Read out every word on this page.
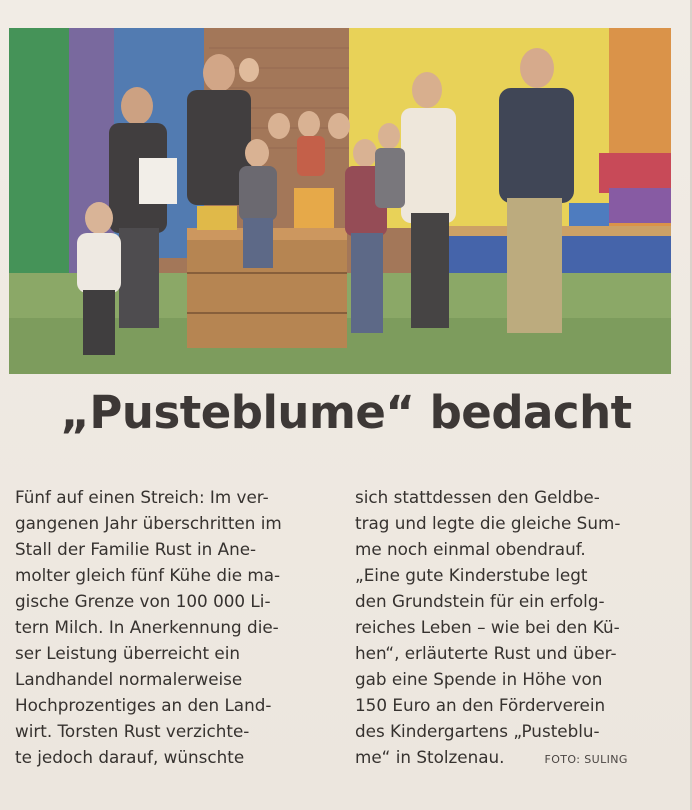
„Pusteblume“ bedacht
Fünf auf einen Streich: Im ver-
gangenen Jahr überschritten im
Stall der Familie Rust in Ane-
molter gleich fünf Kühe die ma-
gische Grenze von 100 000 Li-
tern Milch. In Anerkennung die-
ser Leistung überreicht ein
Landhandel normalerweise
Hochprozentiges an den Land-
wirt. Torsten Rust verzichte-
te jedoch darauf, wünschte
sich stattdessen den Geldbe-
trag und legte die gleiche Sum-
me noch einmal obendrauf.
„Eine gute Kinderstube legt
den Grundstein für ein erfolg-
reiches Leben – wie bei den Kü-
hen“, erläuterte Rust und über-
gab eine Spende in Höhe von
150 Euro an den Förderverein
des Kindergartens „Pusteblu-
me“ in Stolzenau.	FOTO: SULING
